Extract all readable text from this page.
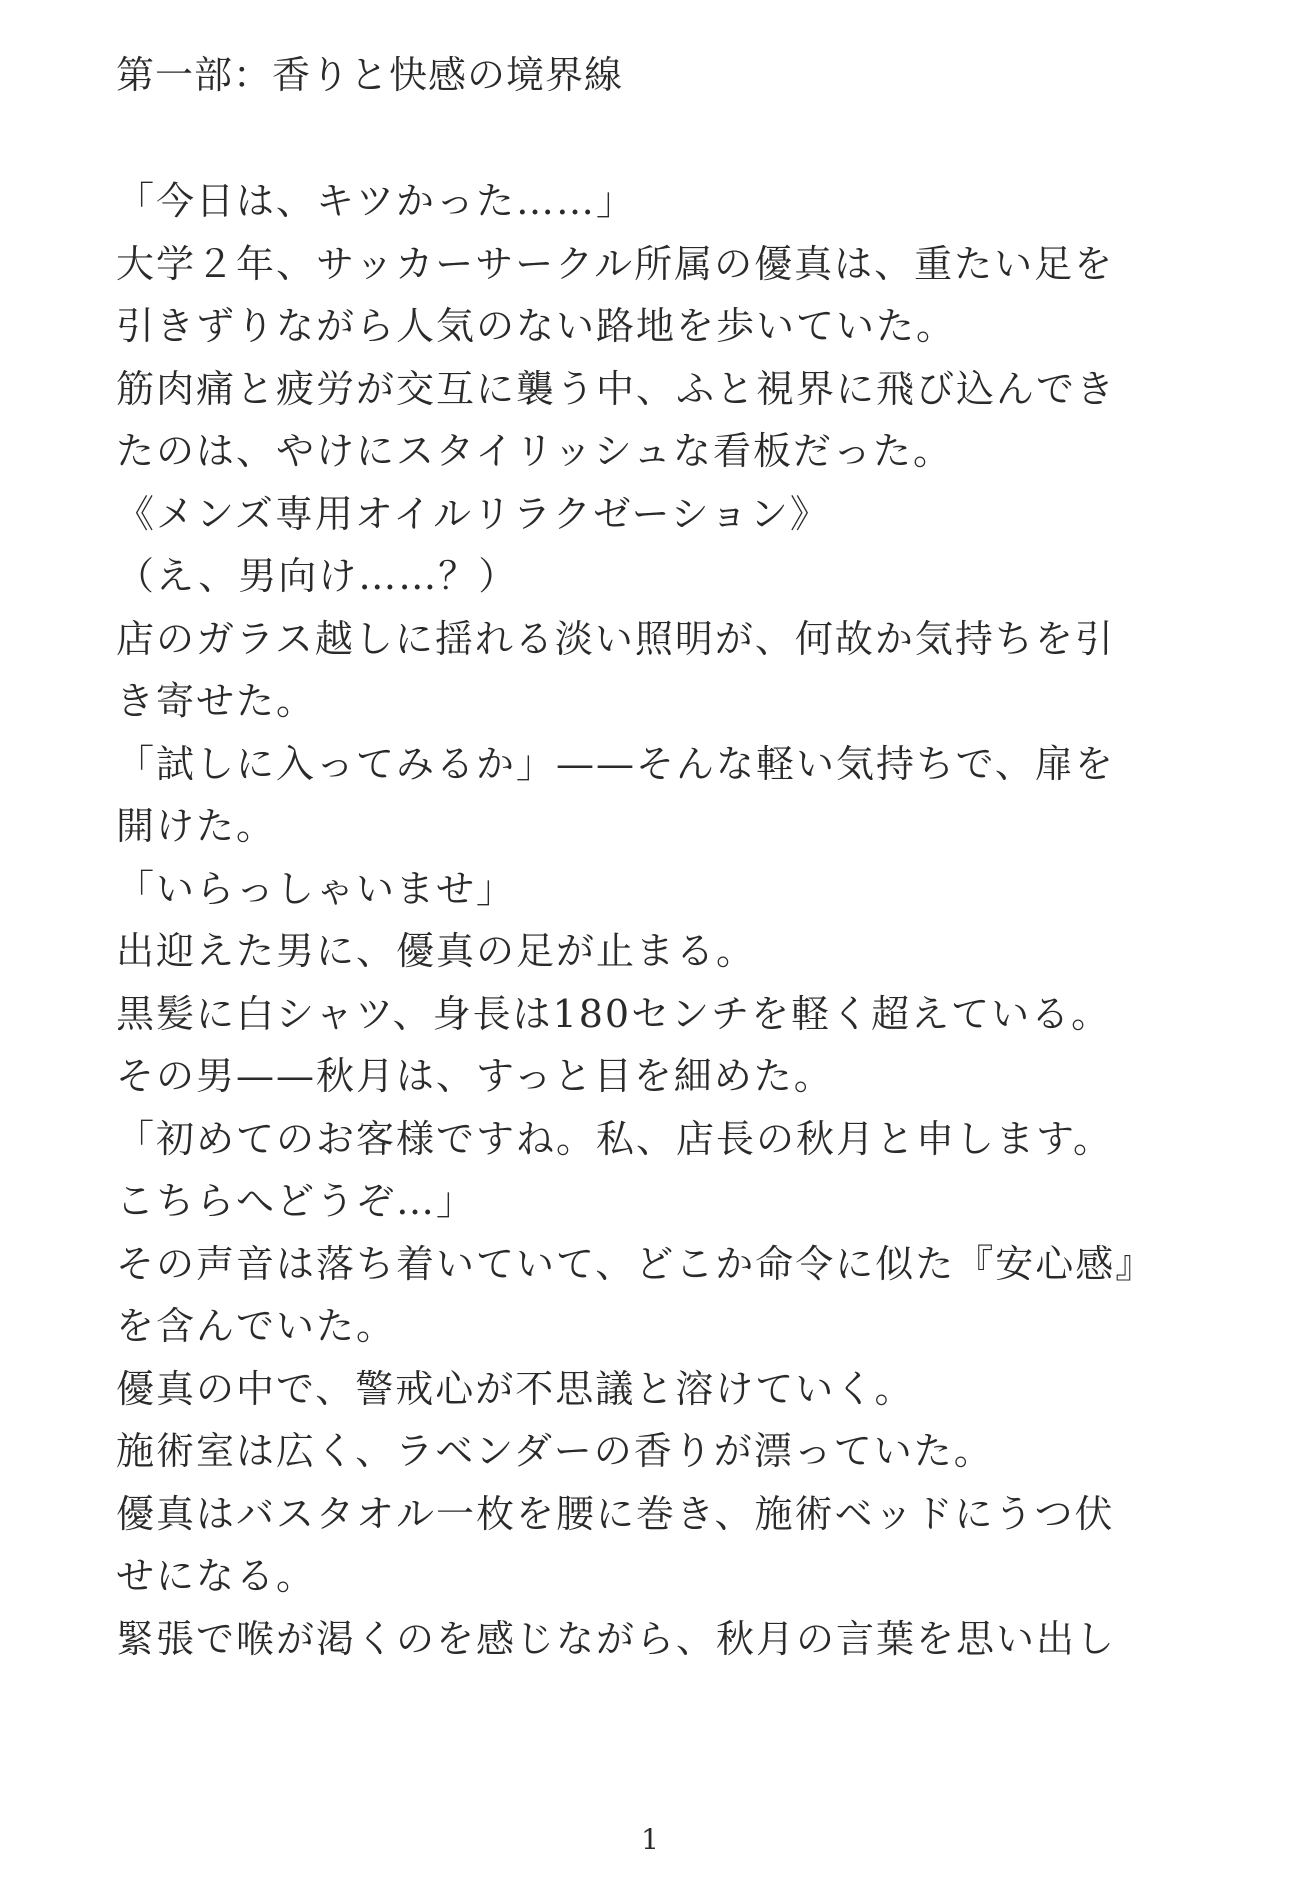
第一部：香りと快感の境界線
「今日は、キツかった……」
大学２年、サッカーサークル所属の優真は、重たい足を
引きずりながら人気のない路地を歩いていた。
筋肉痛と疲労が交互に襲う中、ふと視界に飛び込んでき
たのは、やけにスタイリッシュな看板だった。
《メンズ専用オイルリラクゼーション》
（え、男向け……？）
店のガラス越しに揺れる淡い照明が、何故か気持ちを引
き寄せた。
「試しに入ってみるか」——そんな軽い気持ちで、扉を
開けた。
「いらっしゃいませ」
出迎えた男に、優真の足が止まる。
黒髪に白シャツ、身長は180センチを軽く超えている。
その男——秋月は、すっと目を細めた。
「初めてのお客様ですね。私、店長の秋月と申します。
こちらへどうぞ…」
その声音は落ち着いていて、どこか命令に似た『安心感』
を含んでいた。
優真の中で、警戒心が不思議と溶けていく。
施術室は広く、ラベンダーの香りが漂っていた。
優真はバスタオル一枚を腰に巻き、施術ベッドにうつ伏
せになる。
緊張で喉が渇くのを感じながら、秋月の言葉を思い出し
1
